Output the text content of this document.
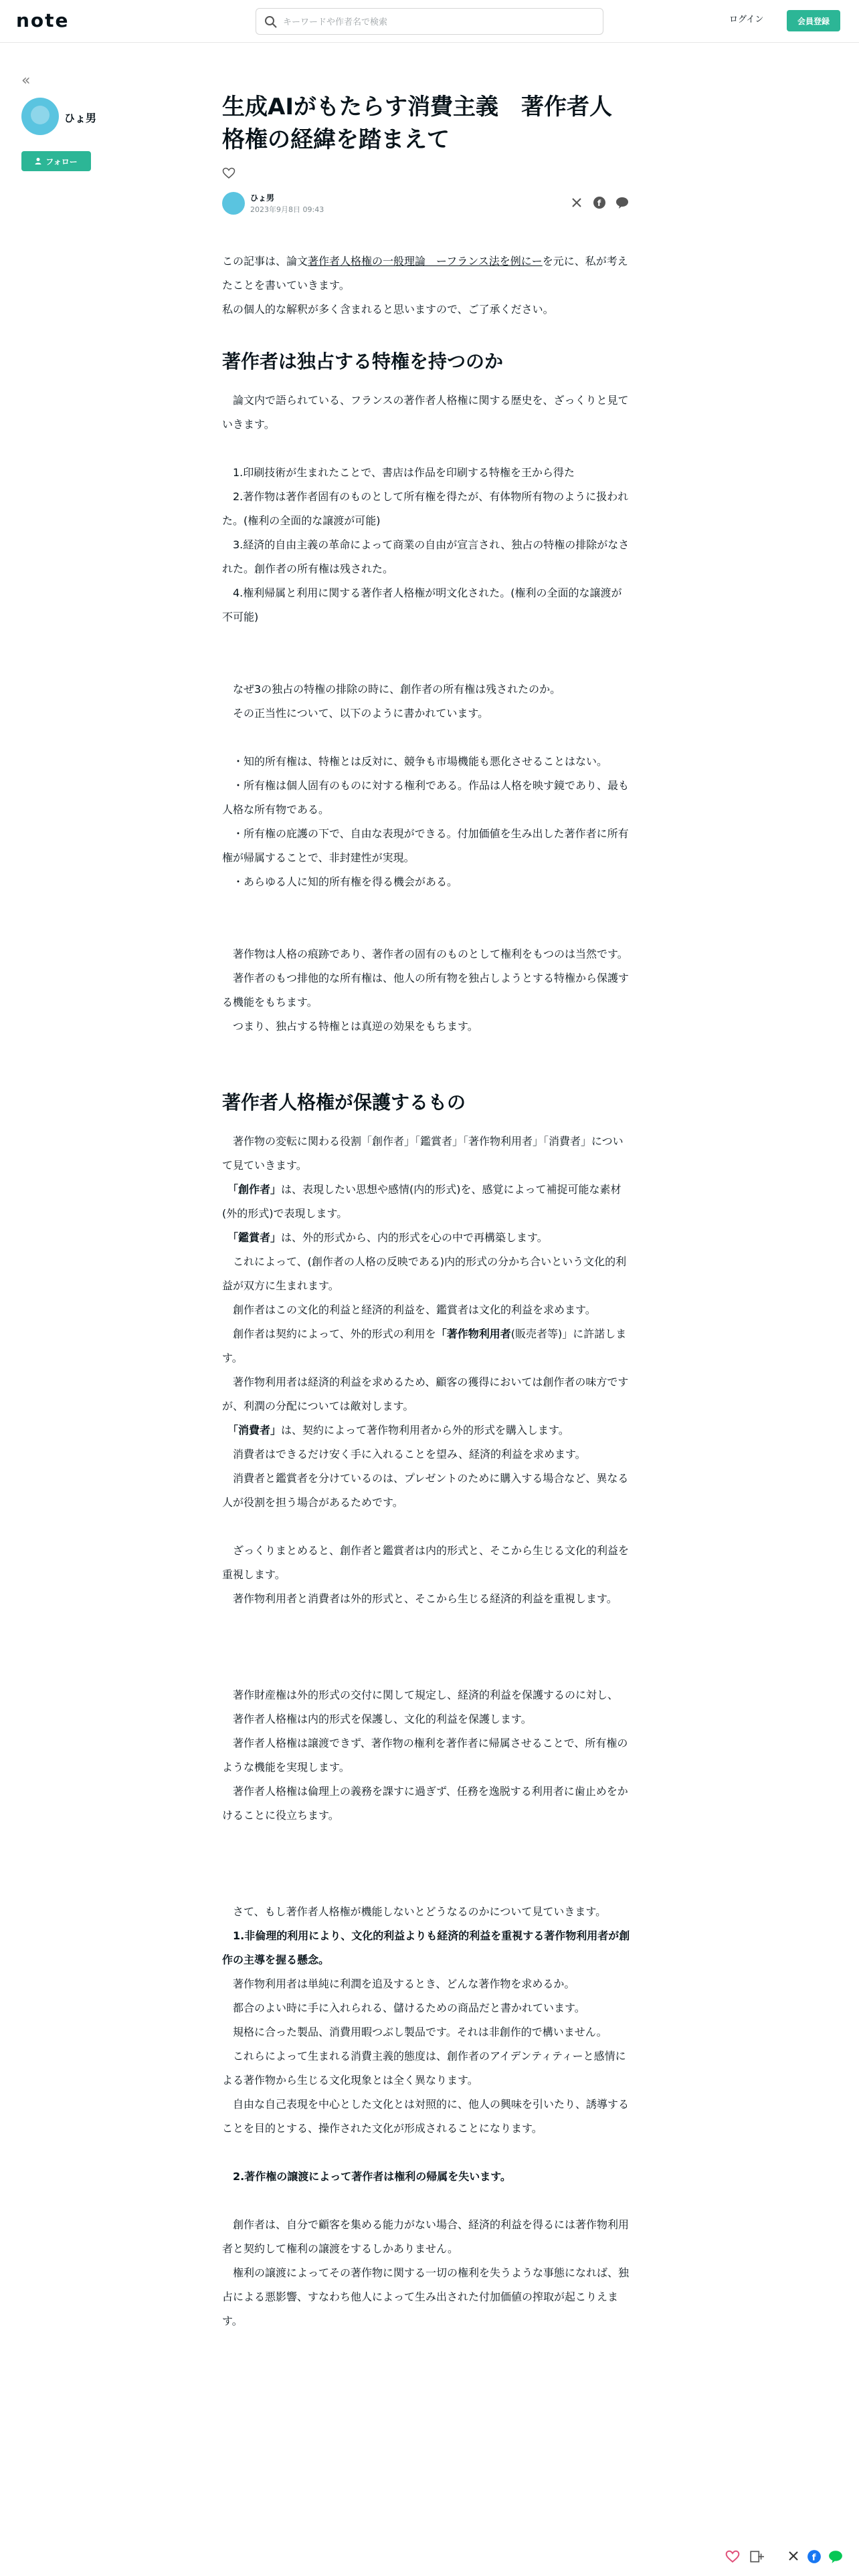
note
キーワードや作者名で検索	ログイン	会員登録
«
ひょ男
フォロー
生成AIがもたらす消費主義　著作者人格権の経緯を踏まえて
ひょ男
2023年9月8日 09:43
f

この記事は、論文著作者人格権の一般理論　ーフランス法を例にーを元に、私が考えたことを書いていきます。

私の個人的な解釈が多く含まれると思いますので、ご了承ください。

著作者は独占する特権を持つのか

　論文内で語られている、フランスの著作者人格権に関する歴史を、ざっくりと見ていきます。

　1.印刷技術が生まれたことで、書店は作品を印刷する特権を王から得た

　2.著作物は著作者固有のものとして所有権を得たが、有体物所有物のように扱われた。(権利の全面的な譲渡が可能)

　3.経済的自由主義の革命によって商業の自由が宣言され、独占の特権の排除がなされた。創作者の所有権は残された。

　4.権利帰属と利用に関する著作者人格権が明文化された。(権利の全面的な譲渡が不可能)

　なぜ3の独占の特権の排除の時に、創作者の所有権は残されたのか。

　その正当性について、以下のように書かれています。

　・知的所有権は、特権とは反対に、競争も市場機能も悪化させることはない。

　・所有権は個人固有のものに対する権利である。作品は人格を映す鏡であり、最も人格な所有物である。

　・所有権の庇護の下で、自由な表現ができる。付加価値を生み出した著作者に所有権が帰属することで、非封建性が実現。

　・あらゆる人に知的所有権を得る機会がある。

　著作物は人格の痕跡であり、著作者の固有のものとして権利をもつのは当然です。

　著作者のもつ排他的な所有権は、他人の所有物を独占しようとする特権から保護する機能をもちます。

　つまり、独占する特権とは真逆の効果をもちます。

著作者人格権が保護するもの

　著作物の変転に関わる役割「創作者」「鑑賞者」「著作物利用者」「消費者」について見ていきます。

　「創作者」は、表現したい思想や感情(内的形式)を、感覚によって補捉可能な素材(外的形式)で表現します。

　「鑑賞者」は、外的形式から、内的形式を心の中で再構築します。

　これによって、(創作者の人格の反映である)内的形式の分かち合いという文化的利益が双方に生まれます。

　創作者はこの文化的利益と経済的利益を、鑑賞者は文化的利益を求めます。

　創作者は契約によって、外的形式の利用を「著作物利用者(販売者等)」に許諾します。

　著作物利用者は経済的利益を求めるため、顧客の獲得においては創作者の味方ですが、利潤の分配については敵対します。

　「消費者」は、契約によって著作物利用者から外的形式を購入します。

　消費者はできるだけ安く手に入れることを望み、経済的利益を求めます。

　消費者と鑑賞者を分けているのは、プレゼントのために購入する場合など、異なる人が役割を担う場合があるためです。

　ざっくりまとめると、創作者と鑑賞者は内的形式と、そこから生じる文化的利益を重視します。

　著作物利用者と消費者は外的形式と、そこから生じる経済的利益を重視します。

　著作財産権は外的形式の交付に関して規定し、経済的利益を保護するのに対し、

　著作者人格権は内的形式を保護し、文化的利益を保護します。

　著作者人格権は譲渡できず、著作物の権利を著作者に帰属させることで、所有権のような機能を実現します。

　著作者人格権は倫理上の義務を課すに過ぎず、任務を逸脱する利用者に歯止めをかけることに役立ちます。

　さて、もし著作者人格権が機能しないとどうなるのかについて見ていきます。

　1.非倫理的利用により、文化的利益よりも経済的利益を重視する著作物利用者が創作の主導を握る懸念。

　著作物利用者は単純に利潤を追及するとき、どんな著作物を求めるか。

　都合のよい時に手に入れられる、儲けるための商品だと書かれています。

　規格に合った製品、消費用暇つぶし製品です。それは非創作的で構いません。

　これらによって生まれる消費主義的態度は、創作者のアイデンティティーと感情による著作物から生じる文化現象とは全く異なります。

　自由な自己表現を中心とした文化とは対照的に、他人の興味を引いたり、誘導することを目的とする、操作された文化が形成されることになります。

　2.著作権の譲渡によって著作者は権利の帰属を失います。

　創作者は、自分で顧客を集める能力がない場合、経済的利益を得るには著作物利用者と契約して権利の譲渡をするしかありません。

　権利の譲渡によってその著作物に関する一切の権利を失うような事態になれば、独占による悪影響、すなわち他人によって生み出された付加価値の搾取が起こりえます。

f
